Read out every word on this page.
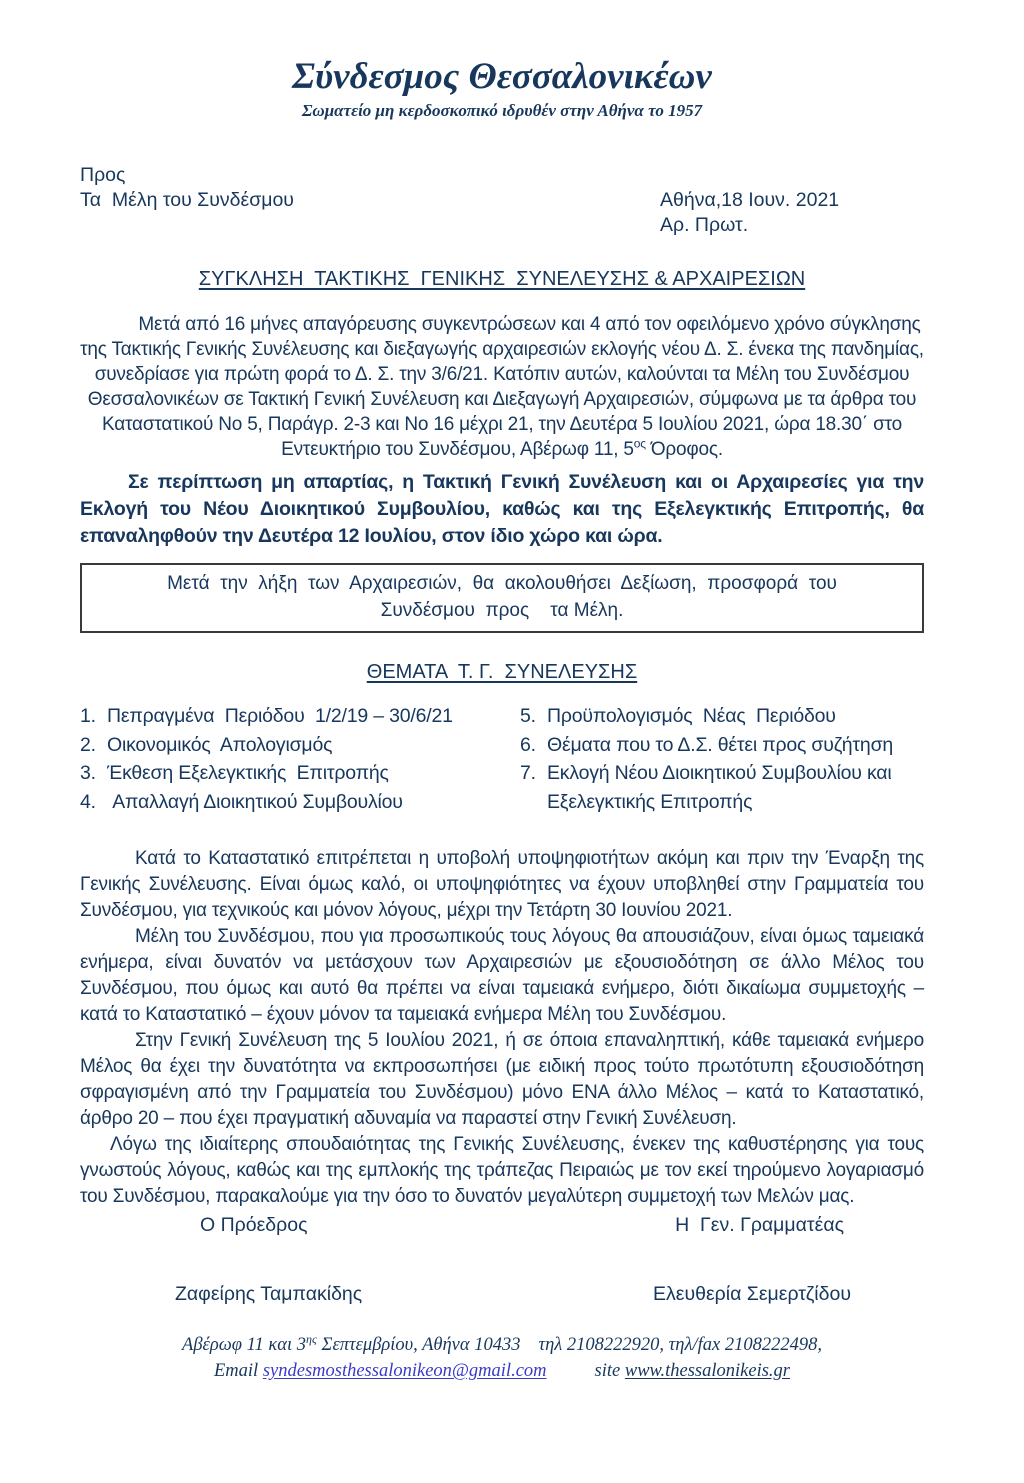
Σύνδεσμος Θεσσαλονικέων
Σωματείο μη κερδοσκοπικό ιδρυθέν στην Αθήνα το 1957
Προς
Τα  Μέλη του Συνδέσμου	Αθήνα,18 Ιουν. 2021
Αρ. Πρωτ.
ΣΥΓΚΛΗΣΗ  ΤΑΚΤΙΚΗΣ  ΓΕΝΙΚΗΣ  ΣΥΝΕΛΕΥΣΗΣ & ΑΡΧΑΙΡΕΣΙΩΝ

Μετά από 16 μήνες απαγόρευσης συγκεντρώσεων και 4 από τον οφειλόμενο χρόνο σύγκλησης της Τακτικής Γενικής Συνέλευσης και διεξαγωγής αρχαιρεσιών εκλογής νέου Δ. Σ. ένεκα της πανδημίας, συνεδρίασε για πρώτη φορά το Δ. Σ. την 3/6/21. Κατόπιν αυτών, καλούνται τα Μέλη του Συνδέσμου Θεσσαλονικέων σε Τακτική Γενική Συνέλευση και Διεξαγωγή Αρχαιρεσιών, σύμφωνα με τα άρθρα του Καταστατικού Νο 5, Παράγρ. 2-3 και Νο 16 μέχρι 21, την Δευτέρα 5 Ιουλίου 2021, ώρα 18.30΄ στο Εντευκτήριο του Συνδέσμου, Αβέρωφ 11, $5^{o\varsigma}$ Όροφος.

Σε περίπτωση μη απαρτίας, η Τακτική Γενική Συνέλευση και οι Αρχαιρεσίες για την Εκλογή του Νέου Διοικητικού Συμβουλίου, καθώς και της Εξελεγκτικής Επιτροπής, θα επαναληφθούν την Δευτέρα 12 Ιουλίου, στον ίδιο χώρο και ώρα.

Μετά  την  λήξη  των  Αρχαιρεσιών,  θα  ακολουθήσει  Δεξίωση,  προσφορά  του
Συνδέσμου  προς    τα Μέλη.
ΘΕΜΑΤΑ  Τ. Γ.  ΣΥΝΕΛΕΥΣΗΣ
1. Πεπραγμένα  Περιόδου  1/2/19 – 30/6/21
2. Οικονομικός  Απολογισμός
3. Έκθεση Εξελεγκτικής  Επιτροπής
4. Απαλλαγή Διοικητικού Συμβουλίου
5. Προϋπολογισμός  Νέας  Περιόδου
6. Θέματα που το Δ.Σ. θέτει προς συζήτηση
7. Εκλογή Νέου Διοικητικού Συμβουλίου και Εξελεγκτικής Επιτροπής

Κατά το Καταστατικό επιτρέπεται η υποβολή υποψηφιοτήτων ακόμη και πριν την Έναρξη της Γενικής Συνέλευσης. Είναι όμως καλό, οι υποψηφιότητες να έχουν υποβληθεί στην Γραμματεία του Συνδέσμου, για τεχνικούς και μόνον λόγους, μέχρι την Τετάρτη 30 Ιουνίου 2021.

Μέλη του Συνδέσμου, που για προσωπικούς τους λόγους θα απουσιάζουν, είναι όμως ταμειακά ενήμερα, είναι δυνατόν να μετάσχουν των Αρχαιρεσιών με εξουσιοδότηση σε άλλο Μέλος του Συνδέσμου, που όμως και αυτό θα πρέπει να είναι ταμειακά ενήμερο, διότι δικαίωμα συμμετοχής – κατά το Καταστατικό – έχουν μόνον τα ταμειακά ενήμερα Μέλη του Συνδέσμου.

Στην Γενική Συνέλευση της 5 Ιουλίου 2021, ή σε όποια επαναληπτική, κάθε ταμειακά ενήμερο Μέλος θα έχει την δυνατότητα να εκπροσωπήσει (με ειδική προς τούτο πρωτότυπη εξουσιοδότηση σφραγισμένη από την Γραμματεία του Συνδέσμου) μόνο ΕΝΑ άλλο Μέλος – κατά το Καταστατικό, άρθρο 20 – που έχει πραγματική αδυναμία να παραστεί στην Γενική Συνέλευση.

Λόγω της ιδιαίτερης σπουδαιότητας της Γενικής Συνέλευσης, ένεκεν της καθυστέρησης για τους γνωστούς λόγους, καθώς και της εμπλοκής της τράπεζας Πειραιώς με τον εκεί τηρούμενο λογαριασμό του Συνδέσμου, παρακαλούμε για την όσο το δυνατόν μεγαλύτερη συμμετοχή των Μελών μας.

Ο Πρόεδρος	Η  Γεν. Γραμματέας
Ζαφείρης Ταμπακίδης	Ελευθερία Σεμερτζίδου
Αβέρωφ 11 και $3^{\eta\varsigma}$ Σεπτεμβρίου, Αθήνα 10433 τηλ 2108222920, τηλ/fax 2108222498,
Email syndesmosthessalonikeon@gmail.com	site www.thessalonikeis.gr
